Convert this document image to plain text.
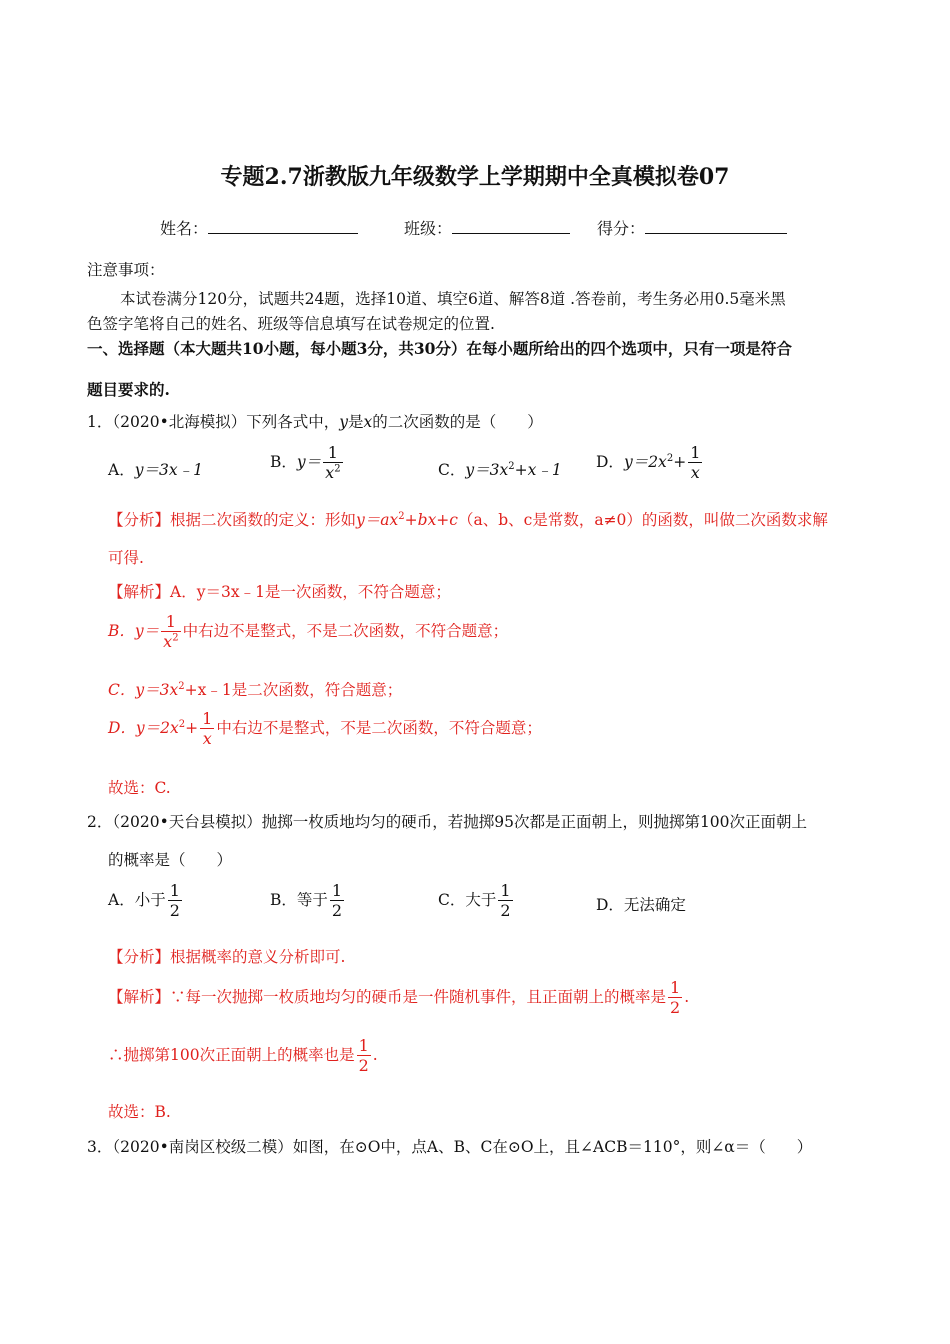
专题2.7浙教版九年级数学上学期期中全真模拟卷07
姓名：	班级：	得分：
注意事项：
本试卷满分120分，试题共24题，选择10道、填空6道、解答8道 .答卷前，考生务必用0.5毫米黑
色签字笔将自己的姓名、班级等信息填写在试卷规定的位置.
一、选择题（本大题共10小题，每小题3分，共30分）在每小题所给出的四个选项中，只有一项是符合
题目要求的.
1．（2020•北海模拟）下列各式中，y是x的二次函数的是（　　）
A．y＝3x﹣1	B．$y= \frac{1}{x^2}$	C．$y=3x^2+x﹣1$ D．$y=2x^2+ \frac{1}{x}$
【分析】根据二次函数的定义：形如$y=ax^2+bx+c(a$、b、c是常数，a≠0）的函数，叫做二次函数求解
可得.
【解析】A．y＝3x﹣1是一次函数，不符合题意；
B．$y= \frac{1}{x^2}$ 中右边不是整式，不是二次函数，不符合题意；
C．$y=3x^2+x﹣1$是二次函数，符合题意；
D．$y=2x^2+ \frac{1}{x}$ 中右边不是整式，不是二次函数，不符合题意；
故选：C.
2．（2020•天台县模拟）抛掷一枚质地均匀的硬币，若抛掷95次都是正面朝上，则抛掷第100次正面朝上
的概率是（　　）
A．小于 $\frac{1}{2}$	B．等于 $\frac{1}{2}$	C．大于 $\frac{1}{2}$	D．无法确定
【分析】根据概率的意义分析即可.
【解析】∵每一次抛掷一枚质地均匀的硬币是一件随机事件，且正面朝上的概率是 $\frac{1}{2}$ .
∴抛掷第100次正面朝上的概率也是 $\frac{1}{2}$ .
故选：B.
3．（2020•南岗区校级二模）如图，在⊙O中，点A、B、C在⊙O上，且∠ACB＝110°，则∠α＝（　　）
